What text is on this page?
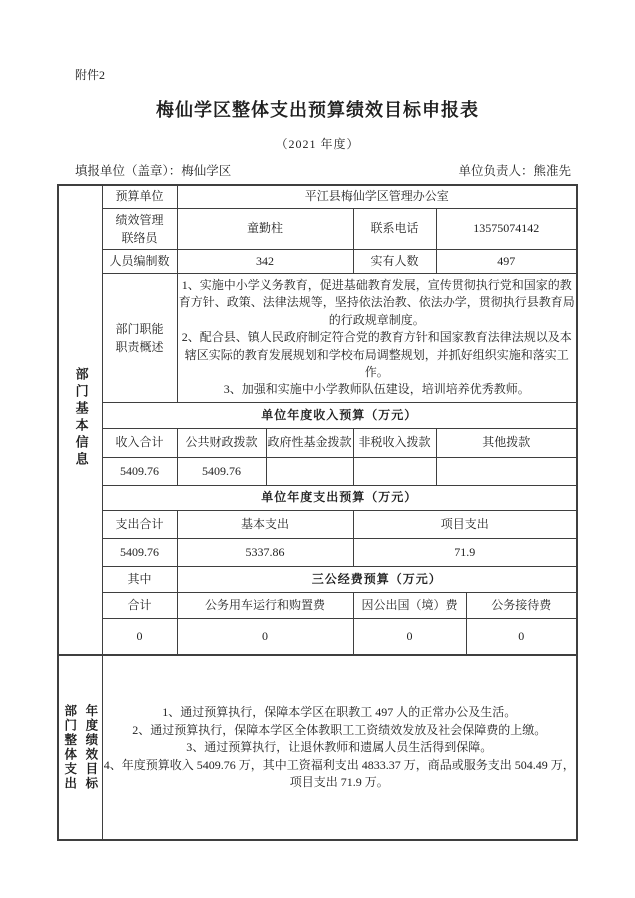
附件2
梅仙学区整体支出预算绩效目标申报表
（2021 年度）
填报单位（盖章）：梅仙学区	单位负责人：熊准先
部门基本信息	预算单位	平江县梅仙学区管理办公室				
	绩效管理联络员	童勤柱		联系电话	13575074142	
	人员编制数	342		实有人数	497	
	部门职能职责概述	1、实施中小学义务教育，促进基础教育发展，宣传贯彻执行党和国家的教育方针、政策、法律法规等，坚持依法治教、依法办学，贯彻执行县教育局的行政规章制度。
2、配合县、镇人民政府制定符合党的教育方针和国家教育法律法规以及本辖区实际的教育发展规划和学校布局调整规划，并抓好组织实施和落实工作。
3、加强和实施中小学教师队伍建设，培训培养优秀教师。				

	单位年度收入预算（万元）					
	收入合计	公共财政拨款	政府性基金拨款	非税收入拨款	其他拨款	
	5409.76	5409.76				
	单位年度支出预算（万元）					
	支出合计	基本支出		项目支出		
	5409.76	5337.86		71.9		
	其中	三公经费预算（万元）				
	合计	公务用车运行和购置费		因公出国（境）费		公务接待费
	0	0		0		0

部门整体支出 年度绩效目标	1、通过预算执行，保障本学区在职教工 497 人的正常办公及生活。

2、通过预算执行，保障本学区全体教职工工资绩效发放及社会保障费的上缴。

3、通过预算执行，让退休教师和遗属人员生活得到保障。

4、年度预算收入 5409.76 万，其中工资福利支出 4833.37 万，商品或服务支出 504.49 万，项目支出 71.9 万。
